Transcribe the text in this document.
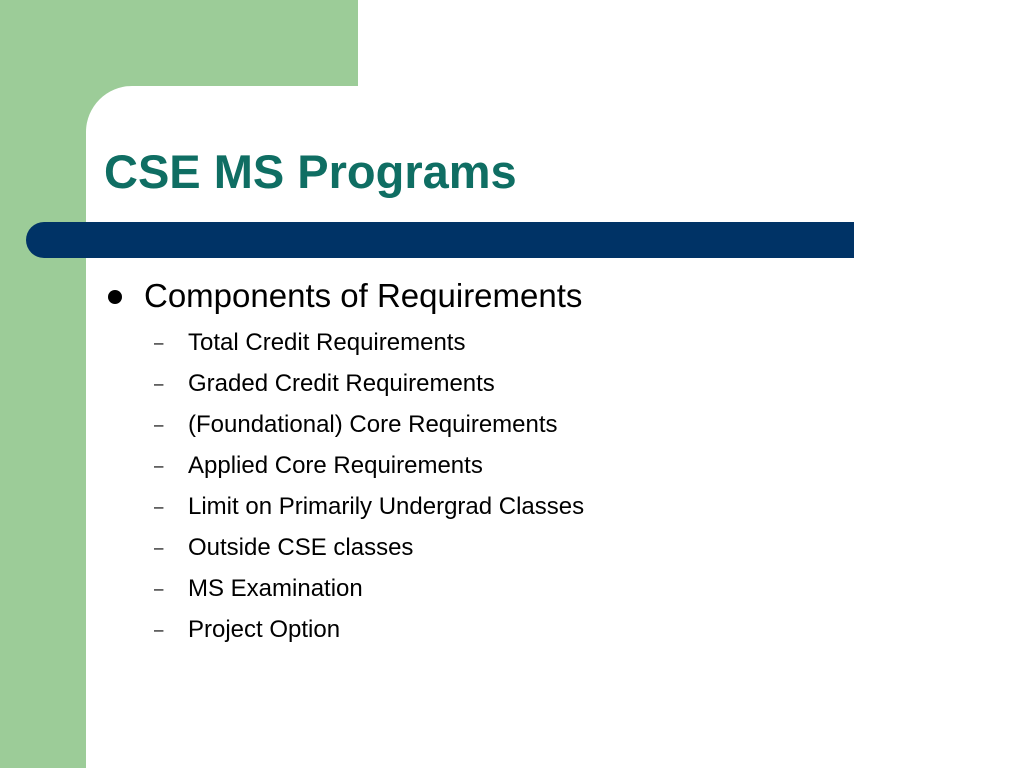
CSE MS Programs
Components of Requirements
– Total Credit Requirements
– Graded Credit Requirements
– (Foundational) Core Requirements
– Applied Core Requirements
– Limit on Primarily Undergrad Classes
– Outside CSE classes
– MS Examination
– Project Option
